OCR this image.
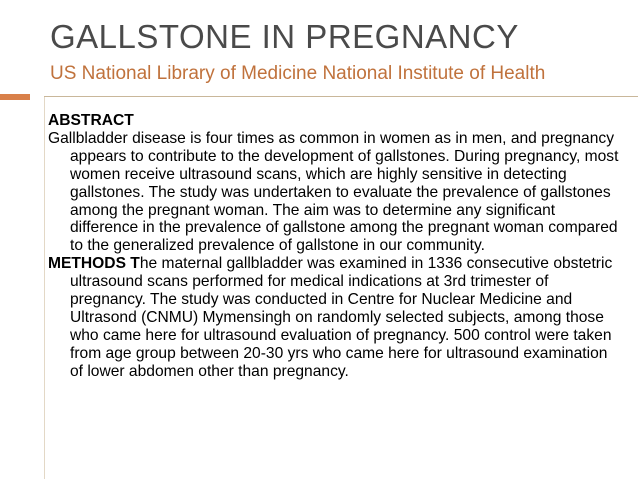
GALLSTONE IN PREGNANCY
US National Library of Medicine National Institute of Health

ABSTRACT

Gallbladder disease is four times as common in women as in men, and pregnancy appears to contribute to the development of gallstones. During pregnancy, most women receive ultrasound scans, which are highly sensitive in detecting gallstones. The study was undertaken to evaluate the prevalence of gallstones among the pregnant woman. The aim was to determine any significant difference in the prevalence of gallstone among the pregnant woman compared to the generalized prevalence of gallstone in our community.

METHODS The maternal gallbladder was examined in 1336 consecutive obstetric ultrasound scans performed for medical indications at 3rd trimester of pregnancy. The study was conducted in Centre for Nuclear Medicine and Ultrasond (CNMU) Mymensingh on randomly selected subjects, among those who came here for ultrasound evaluation of pregnancy. 500 control were taken from age group between 20-30 yrs who came here for ultrasound examination of lower abdomen other than pregnancy.
